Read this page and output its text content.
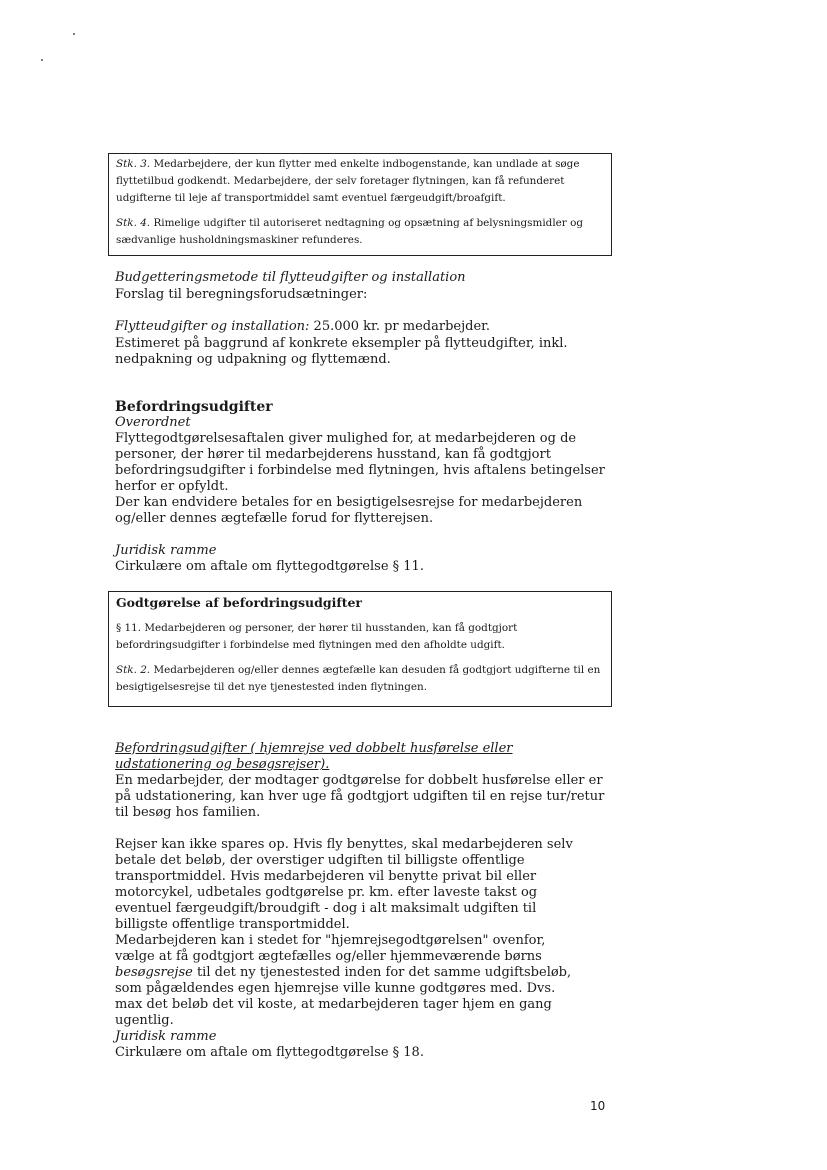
Stk. 3. Medarbejdere, der kun flytter med enkelte indbogenstande, kan undlade at søge flyttetilbud godkendt. Medarbejdere, der selv foretager flytningen, kan få refunderet udgifterne til leje af transportmiddel samt eventuel færgeudgift/broafgift.

Stk. 4. Rimelige udgifter til autoriseret nedtagning og opsætning af belysningsmidler og sædvanlige husholdningsmaskiner refunderes.

Budgetteringsmetode til flytteudgifter og installation

Forslag til beregningsforudsætninger:

Flytteudgifter og installation: 25.000 kr. pr medarbejder.

Estimeret på baggrund af konkrete eksempler på flytteudgifter, inkl. nedpakning og udpakning og flyttemænd.

Befordringsudgifter

Overordnet

Flyttegodtgørelsesaftalen giver mulighed for, at medarbejderen og de personer, der hører til medarbejderens husstand, kan få godtgjort befordringsudgifter i forbindelse med flytningen, hvis aftalens betingelser herfor er opfyldt.

Der kan endvidere betales for en besigtigelsesrejse for medarbejderen og/eller dennes ægtefælle forud for flytterejsen.

Juridisk ramme

Cirkulære om aftale om flyttegodtgørelse § 11.

Godtgørelse af befordringsudgifter

§ 11. Medarbejderen og personer, der hører til husstanden, kan få godtgjort befordringsudgifter i forbindelse med flytningen med den afholdte udgift.

Stk. 2. Medarbejderen og/eller dennes ægtefælle kan desuden få godtgjort udgifterne til en besigtigelsesrejse til det nye tjenestested inden flytningen.

Befordringsudgifter ( hjemrejse ved dobbelt husførelse eller udstationering og besøgsrejser).

En medarbejder, der modtager godtgørelse for dobbelt husførelse eller er på udstationering, kan hver uge få godtgjort udgiften til en rejse tur/retur til besøg hos familien.

Rejser kan ikke spares op. Hvis fly benyttes, skal medarbejderen selv betale det beløb, der overstiger udgiften til billigste offentlige transportmiddel. Hvis medarbejderen vil benytte privat bil eller motorcykel, udbetales godtgørelse pr. km. efter laveste takst og eventuel færgeudgift/broudgift - dog i alt maksimalt udgiften til billigste offentlige transportmiddel.

Medarbejderen kan i stedet for "hjemrejsegodtgørelsen" ovenfor, vælge at få godtgjort ægtefælles og/eller hjemmeværende børns besøgsrejse til det ny tjenestested inden for det samme udgiftsbeløb, som pågældendes egen hjemrejse ville kunne godtgøres med. Dvs. max det beløb det vil koste, at medarbejderen tager hjem en gang ugentlig.

Juridisk ramme

Cirkulære om aftale om flyttegodtgørelse § 18.

10
